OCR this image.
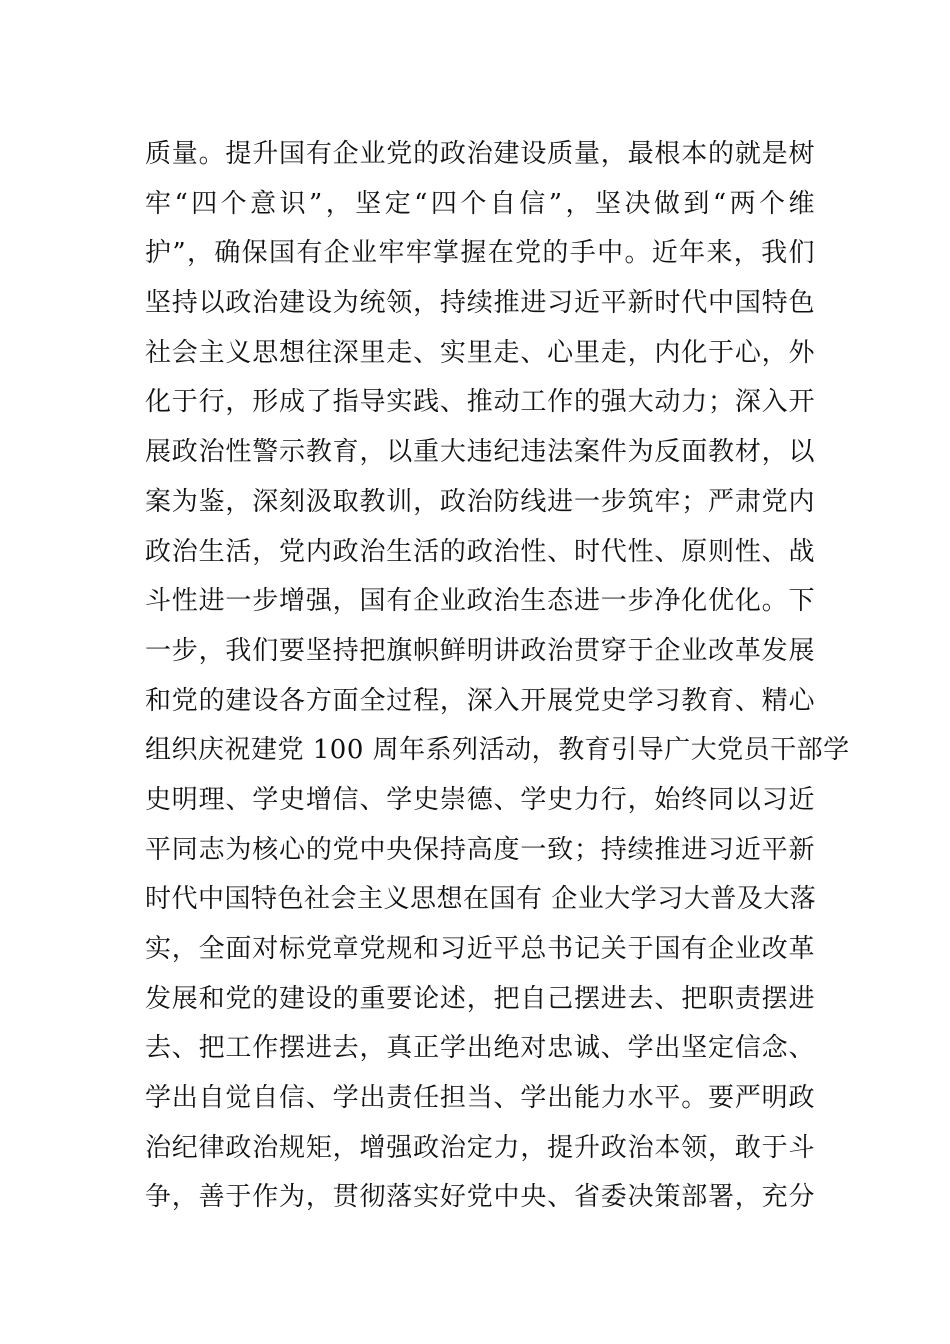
质量。提升国有企业党的政治建设质量，最根本的就是树
牢“四个意识”，坚定“四个自信”，坚决做到“两个维
护”，确保国有企业牢牢掌握在党的手中。近年来，我们
坚持以政治建设为统领，持续推进习近平新时代中国特色
社会主义思想往深里走、实里走、心里走，内化于心，外
化于行，形成了指导实践、推动工作的强大动力；深入开
展政治性警示教育，以重大违纪违法案件为反面教材，以
案为鉴，深刻汲取教训，政治防线进一步筑牢；严肃党内
政治生活，党内政治生活的政治性、时代性、原则性、战
斗性进一步增强，国有企业政治生态进一步净化优化。下
一步，我们要坚持把旗帜鲜明讲政治贯穿于企业改革发展
和党的建设各方面全过程，深入开展党史学习教育、精心
组织庆祝建党 100 周年系列活动，教育引导广大党员干部学
史明理、学史增信、学史崇德、学史力行，始终同以习近
平同志为核心的党中央保持高度一致；持续推进习近平新
时代中国特色社会主义思想在国有 企业大学习大普及大落
实，全面对标党章党规和习近平总书记关于国有企业改革
发展和党的建设的重要论述，把自己摆进去、把职责摆进
去、把工作摆进去，真正学出绝对忠诚、学出坚定信念、
学出自觉自信、学出责任担当、学出能力水平。要严明政
治纪律政治规矩，增强政治定力，提升政治本领，敢于斗
争，善于作为，贯彻落实好党中央、省委决策部署，充分
